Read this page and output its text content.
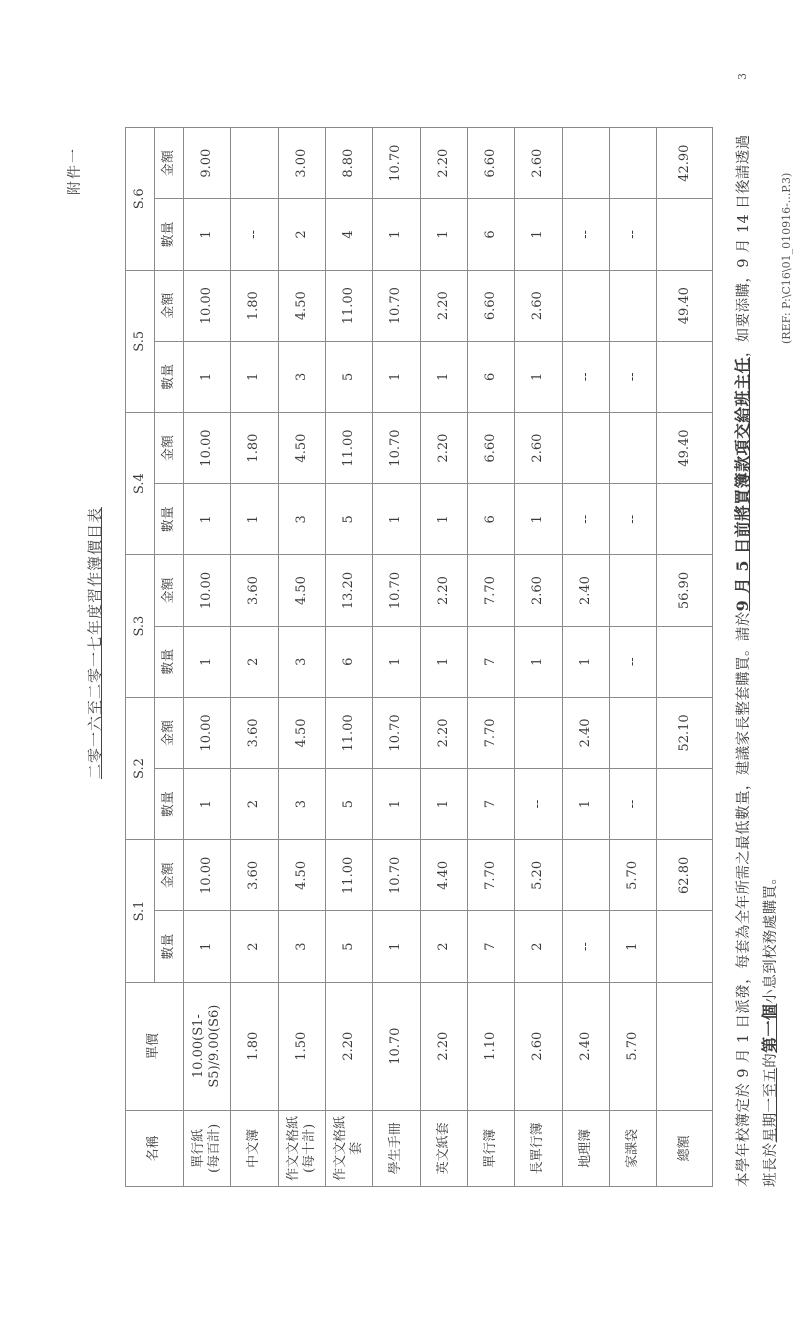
3
附件一
二零一六至二零一七年度習作簿價目表
名稱	單價	S.1		S.2		S.3		S.4		S.5		S.6	
		數量	金額	數量	金額	數量	金額	數量	金額	數量	金額	數量	金額
單行紙
(每百計)	10.00(S1-S5)/9.00(S6)	1	10.00	1	10.00	1	10.00	1	10.00	1	10.00	1	9.00
中文簿	1.80	2	3.60	2	3.60	2	3.60	1	1.80	1	1.80	--	
作文文格紙
(每十計)	1.50	3	4.50	3	4.50	3	4.50	3	4.50	3	4.50	2	3.00
作文文格紙套	2.20	5	11.00	5	11.00	6	13.20	5	11.00	5	11.00	4	8.80
學生手冊	10.70	1	10.70	1	10.70	1	10.70	1	10.70	1	10.70	1	10.70
英文紙套	2.20	2	4.40	1	2.20	1	2.20	1	2.20	1	2.20	1	2.20
單行簿	1.10	7	7.70	7	7.70	7	7.70	6	6.60	6	6.60	6	6.60
長單行簿	2.60	2	5.20	--		1	2.60	1	2.60	1	2.60	1	2.60
地理簿	2.40	--		1	2.40	1	2.40	--		--		--	
家課袋	5.70	1	5.70	--		--		--		--		--	
總額			62.80		52.10		56.90		49.40		49.40		42.90
本學年校簿定於 9 月 1 日派發，每套為全年所需之最低數量，建議家長整套購買。請於9 月 5 日前將買簿款項交給班主任，如要添購，9 月 14 日後請透過班長於星期一至五的第一個小息到校務處購買。
(REF: P:\C16\01_010916-...P.3)
